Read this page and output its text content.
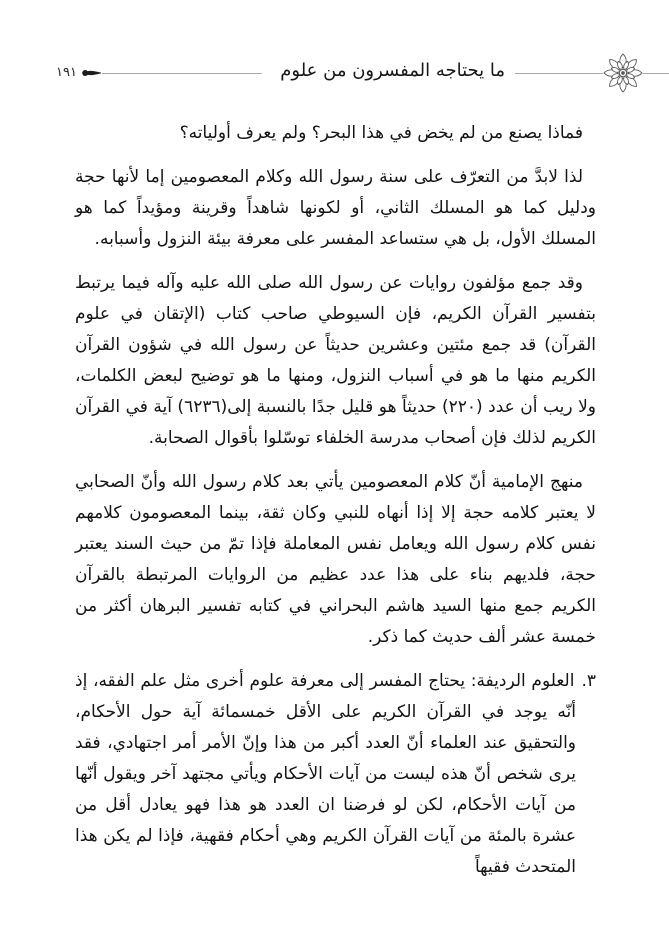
ما يحتاجه المفسرون من علوم
١٩١

فماذا يصنع من لم يخض في هذا البحر؟ ولم يعرف أولياته؟

لذا لابدَّ من التعرّف على سنة رسول الله وكلام المعصومين إما لأنها حجة ودليل كما هو المسلك الثاني، أو لكونها شاهداً وقرينة ومؤيداً كما هو المسلك الأول، بل هي ستساعد المفسر على معرفة بيئة النزول وأسبابه.

وقد جمع مؤلفون روايات عن رسول الله صلى الله عليه وآله فيما يرتبط بتفسير القرآن الكريم، فإن السيوطي صاحب كتاب (الإتقان في علوم القرآن) قد جمع مئتين وعشرين حديثاً عن رسول الله في شؤون القرآن الكريم منها ما هو في أسباب النزول، ومنها ما هو توضيح لبعض الكلمات، ولا ريب أن عدد (٢٢٠) حديثاً هو قليل جدًا بالنسبة إلى(٦٢٣٦) آية في القرآن الكريم لذلك فإن أصحاب مدرسة الخلفاء توسّلوا بأقوال الصحابة.

منهج الإمامية أنّ كلام المعصومين يأتي بعد كلام رسول الله وأنّ الصحابي لا يعتبر كلامه حجة إلا إذا أنهاه للنبي وكان ثقة، بينما المعصومون كلامهم نفس كلام رسول الله ويعامل نفس المعاملة فإذا تمّ من حيث السند يعتبر حجة، فلديهم بناء على هذا عدد عظيم من الروايات المرتبطة بالقرآن الكريم جمع منها السيد هاشم البحراني في كتابه تفسير البرهان أكثر من خمسة عشر ألف حديث كما ذكر.

٣.العلوم الرديفة: يحتاج المفسر إلى معرفة علوم أخرى مثل علم الفقه، إذ أنّه يوجد في القرآن الكريم على الأقل خمسمائة آية حول الأحكام، والتحقيق عند العلماء أنّ العدد أكبر من هذا وإنّ الأمر أمر اجتهادي، فقد يرى شخص أنّ هذه ليست من آيات الأحكام ويأتي مجتهد آخر ويقول أنّها من آيات الأحكام، لكن لو فرضنا ان العدد هو هذا فهو يعادل أقل من عشرة بالمئة من آيات القرآن الكريم وهي أحكام فقهية، فإذا لم يكن هذا المتحدث فقيهاً
